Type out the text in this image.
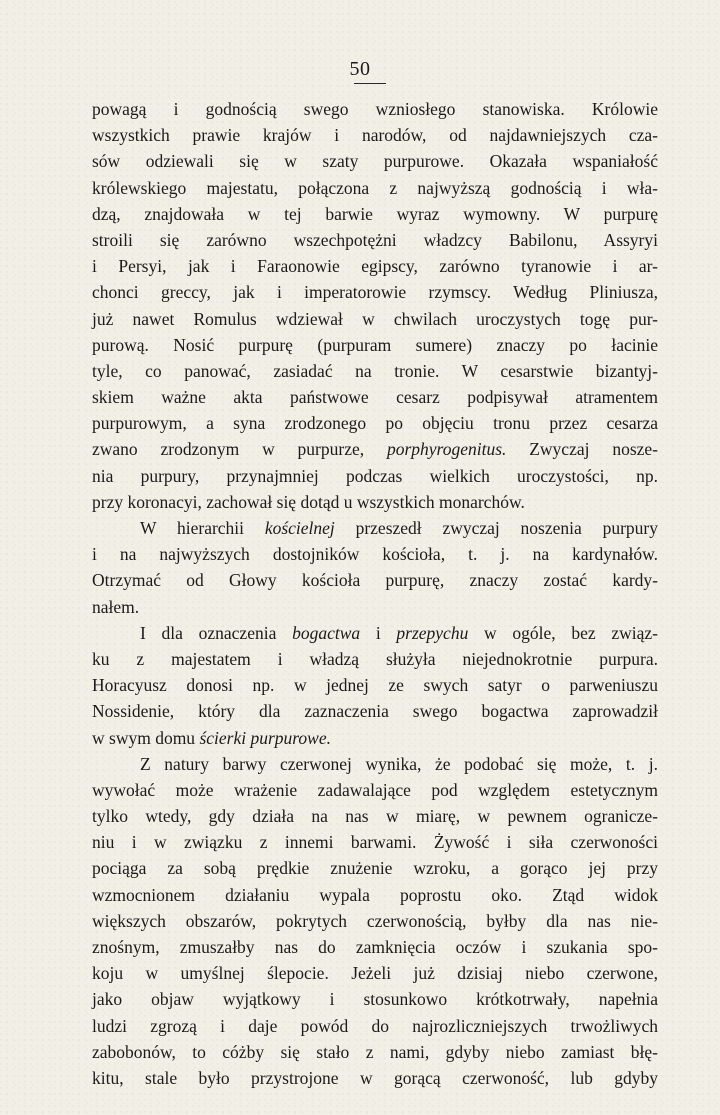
50
powagą i godnością swego wzniosłego stanowiska. Królowie
wszystkich prawie krajów i narodów, od najdawniejszych cza-
sów odziewali się w szaty purpurowe. Okazała wspaniałość
królewskiego majestatu, połączona z najwyższą godnością i wła-
dzą, znajdowała w tej barwie wyraz wymowny. W purpurę
stroili się zarówno wszechpotężni władzcy Babilonu, Assyryi
i Persyi, jak i Faraonowie egipscy, zarówno tyranowie i ar-
chonci greccy, jak i imperatorowie rzymscy. Według Pliniusza,
już nawet Romulus wdziewał w chwilach uroczystych togę pur-
purową. Nosić purpurę (purpuram sumere) znaczy po łacinie
tyle, co panować, zasiadać na tronie. W cesarstwie bizantyj-
skiem ważne akta państwowe cesarz podpisywał atramentem
purpurowym, a syna zrodzonego po objęciu tronu przez cesarza
zwano zrodzonym w purpurze, porphyrogenitus. Zwyczaj nosze-
nia purpury, przynajmniej podczas wielkich uroczystości, np.
przy koronacyi, zachował się dotąd u wszystkich monarchów.
W hierarchii kościelnej przeszedł zwyczaj noszenia purpury
i na najwyższych dostojników kościoła, t. j. na kardynałów.
Otrzymać od Głowy kościoła purpurę, znaczy zostać kardy-
nałem.
I dla oznaczenia bogactwa i przepychu w ogóle, bez związ-
ku z majestatem i władzą służyła niejednokrotnie purpura.
Horacyusz donosi np. w jednej ze swych satyr o parweniuszu
Nossidenie, który dla zaznaczenia swego bogactwa zaprowadził
w swym domu ścierki purpurowe.
Z natury barwy czerwonej wynika, że podobać się może, t. j.
wywołać może wrażenie zadawalające pod względem estetycznym
tylko wtedy, gdy działa na nas w miarę, w pewnem ogranicze-
niu i w związku z innemi barwami. Żywość i siła czerwoności
pociąga za sobą prędkie znużenie wzroku, a gorąco jej przy
wzmocnionem działaniu wypala poprostu oko. Ztąd widok
większych obszarów, pokrytych czerwonością, byłby dla nas nie-
znośnym, zmuszałby nas do zamknięcia oczów i szukania spo-
koju w umyślnej ślepocie. Jeżeli już dzisiaj niebo czerwone,
jako objaw wyjątkowy i stosunkowo krótkotrwały, napełnia
ludzi zgrozą i daje powód do najrozliczniejszych trwożliwych
zabobonów, to cóżby się stało z nami, gdyby niebo zamiast błę-
kitu, stale było przystrojone w gorącą czerwoność, lub gdyby
